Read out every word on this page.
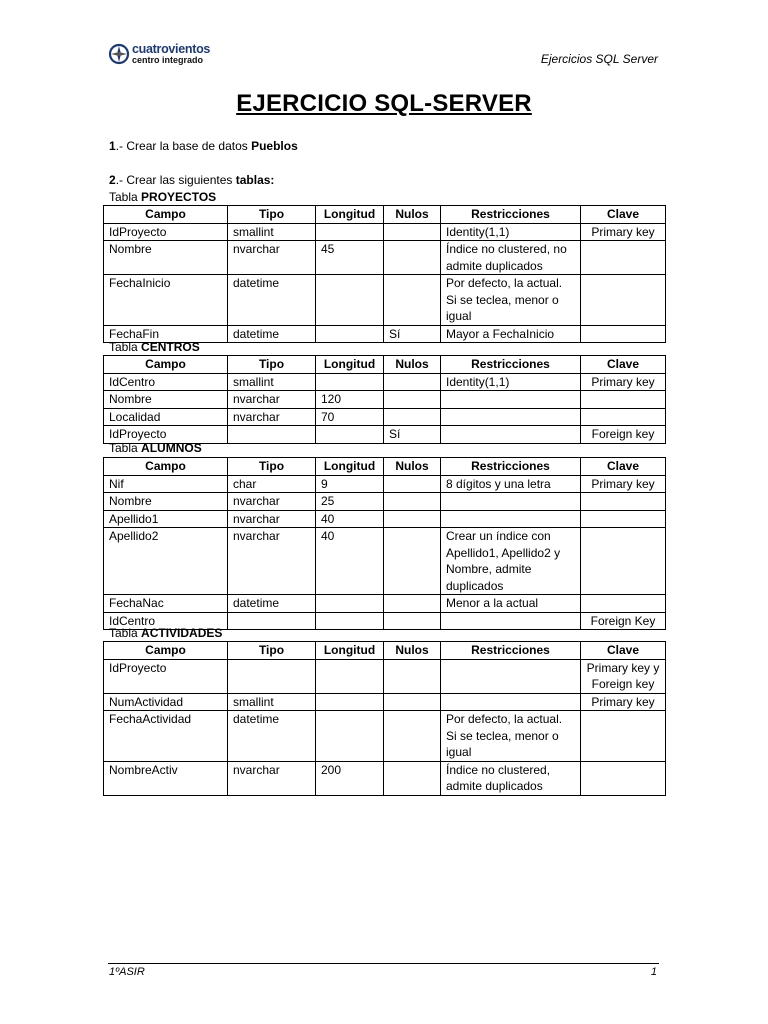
cuatrovientos
centro integrado	Ejercicios SQL Server
EJERCICIO SQL-SERVER
1.- Crear la base de datos Pueblos
2.- Crear las siguientes tablas:
Tabla PROYECTOS
Campo	Tipo	Longitud	Nulos	Restricciones	Clave
IdProyecto	smallint			Identity(1,1)	Primary key
Nombre	nvarchar	45		Índice no clustered, no admite duplicados	
FechaInicio	datetime			Por defecto, la actual. Si se teclea, menor o igual	
FechaFin	datetime		Sí	Mayor a FechaInicio	
Tabla CENTROS
Campo	Tipo	Longitud	Nulos	Restricciones	Clave
IdCentro	smallint			Identity(1,1)	Primary key
Nombre	nvarchar	120			
Localidad	nvarchar	70			
IdProyecto			Sí		Foreign key
Tabla ALUMNOS
Campo	Tipo	Longitud	Nulos	Restricciones	Clave
Nif	char	9		8 dígitos y una letra	Primary key
Nombre	nvarchar	25			
Apellido1	nvarchar	40			
Apellido2	nvarchar	40		Crear un índice con Apellido1, Apellido2 y Nombre, admite duplicados	
FechaNac	datetime			Menor a la actual	
IdCentro					Foreign Key
Tabla ACTIVIDADES
Campo	Tipo	Longitud	Nulos	Restricciones	Clave
IdProyecto					Primary key y Foreign key
NumActividad	smallint				Primary key
FechaActividad	datetime			Por defecto, la actual. Si se teclea, menor o igual	
NombreActiv	nvarchar	200		Índice no clustered, admite duplicados	
1ºASIR	1
